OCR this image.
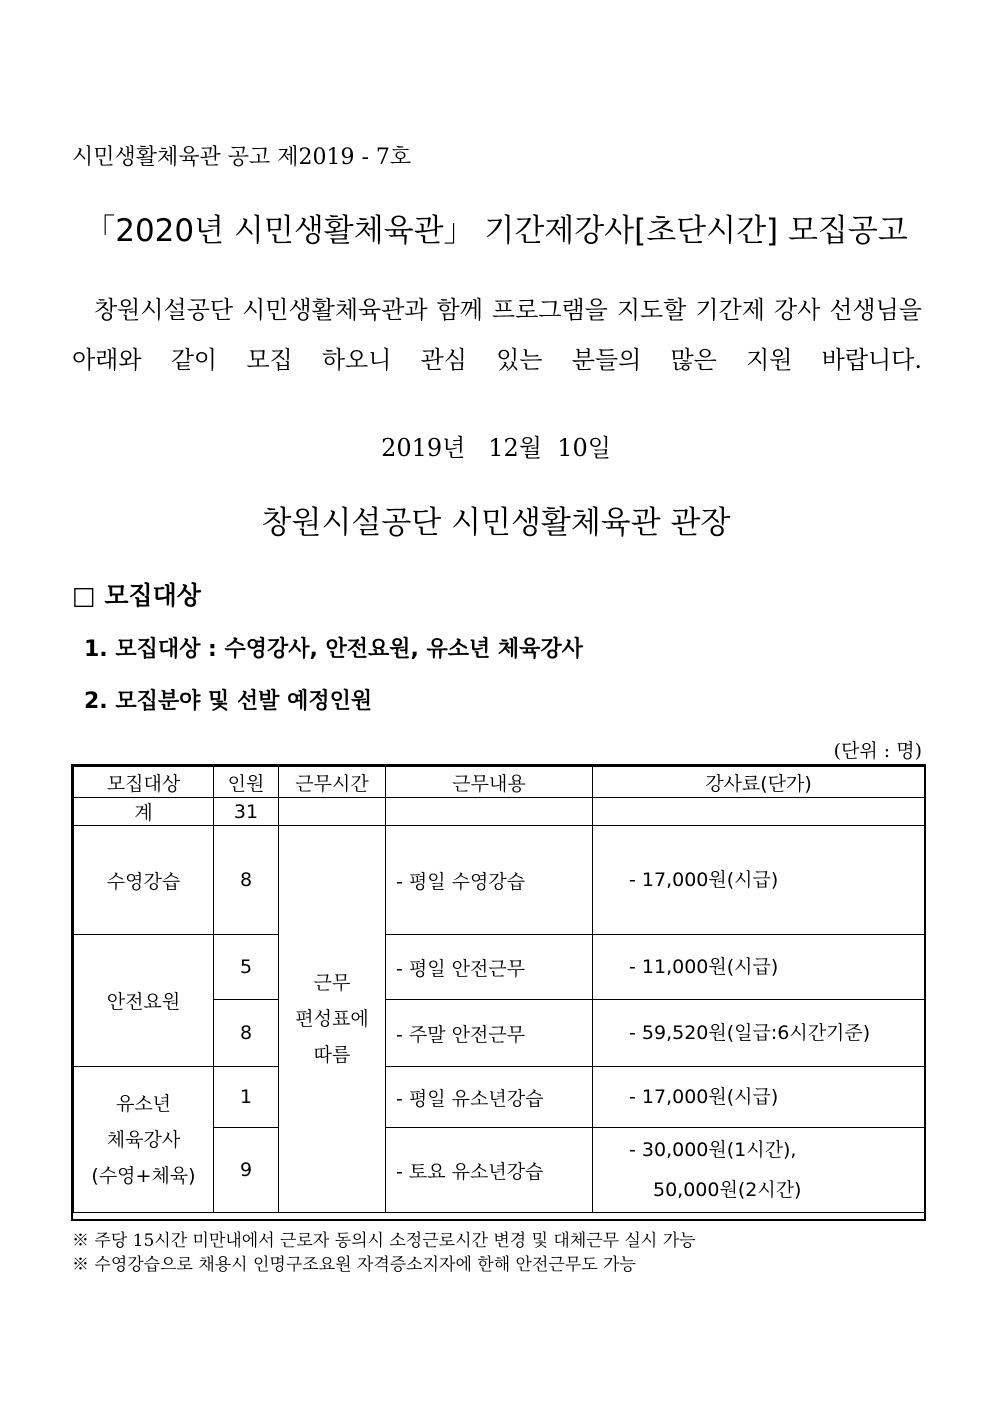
시민생활체육관 공고 제2019 - 7호
「2020년 시민생활체육관」 기간제강사[초단시간] 모집공고
창원시설공단 시민생활체육관과 함께 프로그램을 지도할 기간제 강사 선생님을 아래와 같이 모집 하오니 관심 있는 분들의 많은 지원 바랍니다.
2019년   12월  10일
창원시설공단 시민생활체육관 관장
□ 모집대상
1. 모집대상 : 수영강사, 안전요원, 유소년 체육강사
2. 모집분야 및 선발 예정인원
(단위 : 명)
모집대상	인원	근무시간	근무내용	강사료(단가)
계	31			
수영강습	8	근무
편성표에
따름	- 평일 수영강습	- 17,000원(시급)
안전요원	5		- 평일 안전근무	- 11,000원(시급)
	8		- 주말 안전근무	- 59,520원(일급:6시간기준)

유소년
체육강사
(수영+체육)	1		- 평일 유소년강습	- 17,000원(시급)
	9		- 토요 유소년강습	- 30,000원(1시간),
50,000원(2시간)
※ 주당 15시간 미만내에서 근로자 동의시 소정근로시간 변경 및 대체근무 실시 가능
※ 수영강습으로 채용시 인명구조요원 자격증소지자에 한해 안전근무도 가능
